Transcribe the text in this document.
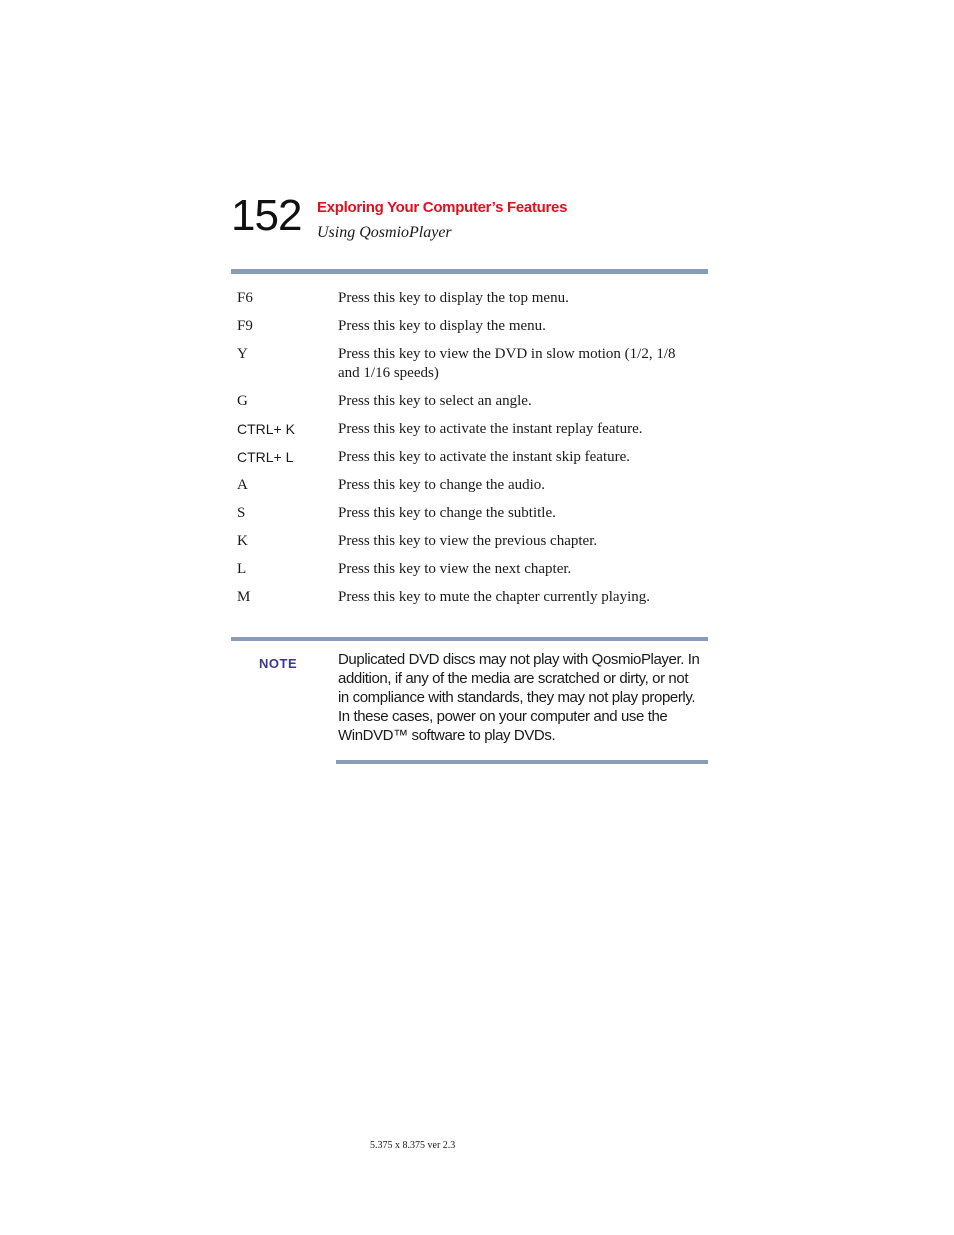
152 Exploring Your Computer’s Features
Using QosmioPlayer
F6	Press this key to display the top menu.
F9	Press this key to display the menu.
Y	Press this key to view the DVD in slow motion (1/2, 1/8 and 1/16 speeds)
G	Press this key to select an angle.
CTRL+ K	Press this key to activate the instant replay feature.
CTRL+ L	Press this key to activate the instant skip feature.
A	Press this key to change the audio.
S	Press this key to change the subtitle.
K	Press this key to view the previous chapter.
L	Press this key to view the next chapter.
M	Press this key to mute the chapter currently playing.
NOTE	Duplicated DVD discs may not play with QosmioPlayer. In addition, if any of the media are scratched or dirty, or not in compliance with standards, they may not play properly. In these cases, power on your computer and use the WinDVD™ software to play DVDs.
5.375 x 8.375 ver 2.3
